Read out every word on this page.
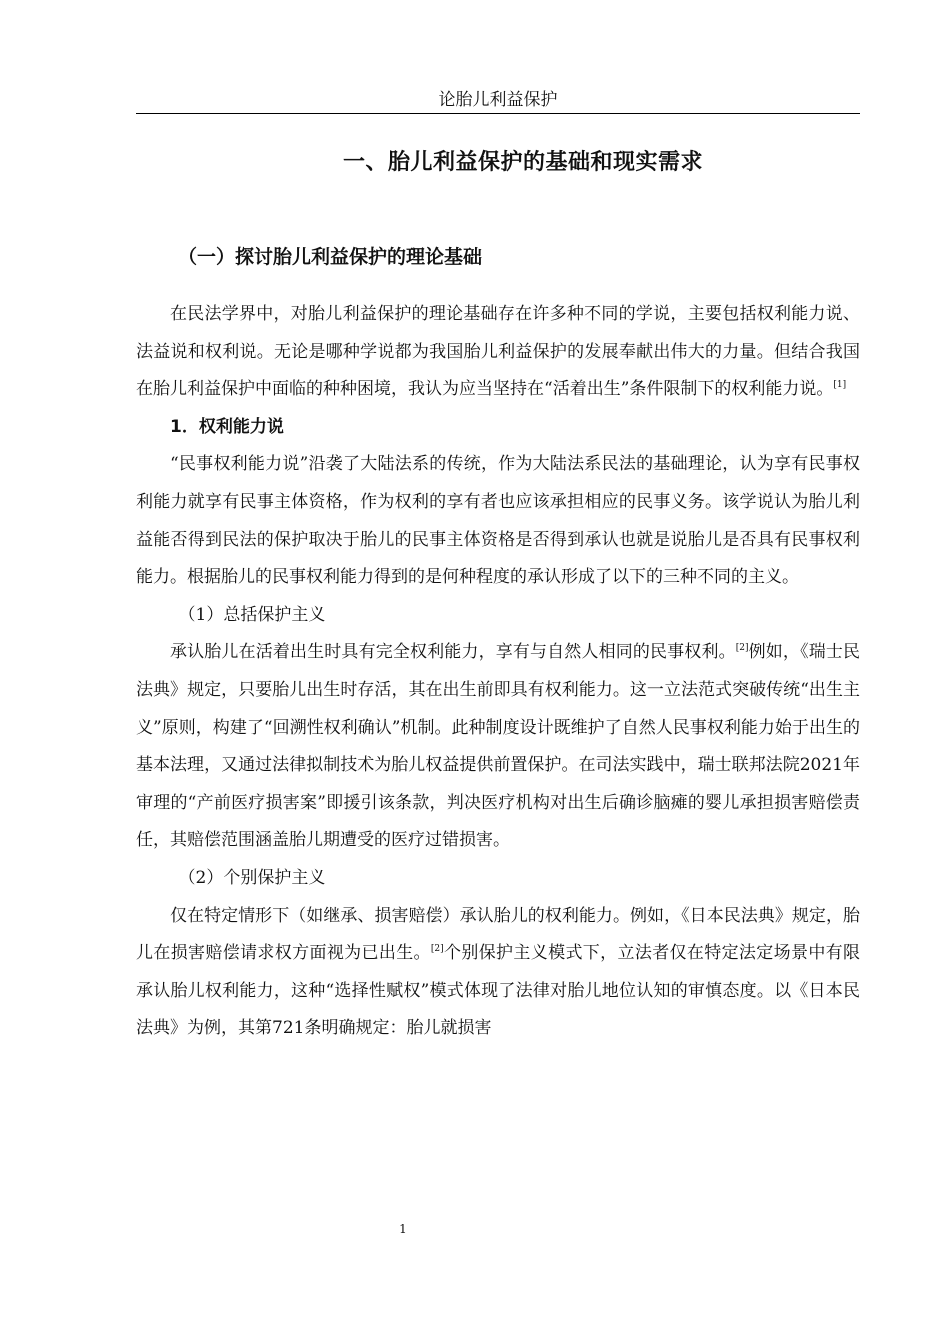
论胎儿利益保护
一、胎儿利益保护的基础和现实需求
（一）探讨胎儿利益保护的理论基础

在民法学界中，对胎儿利益保护的理论基础存在许多种不同的学说，主要包括权利能力说、法益说和权利说。无论是哪种学说都为我国胎儿利益保护的发展奉献出伟大的力量。但结合我国在胎儿利益保护中面临的种种困境，我认为应当坚持在“活着出生”条件限制下的权利能力说。[1]

1．权利能力说

“民事权利能力说”沿袭了大陆法系的传统，作为大陆法系民法的基础理论，认为享有民事权利能力就享有民事主体资格，作为权利的享有者也应该承担相应的民事义务。该学说认为胎儿利益能否得到民法的保护取决于胎儿的民事主体资格是否得到承认也就是说胎儿是否具有民事权利能力。根据胎儿的民事权利能力得到的是何种程度的承认形成了以下的三种不同的主义。

（1）总括保护主义

承认胎儿在活着出生时具有完全权利能力，享有与自然人相同的民事权利。[2]例如，《瑞士民法典》规定，只要胎儿出生时存活，其在出生前即具有权利能力。这一立法范式突破传统“出生主义”原则，构建了“回溯性权利确认”机制。此种制度设计既维护了自然人民事权利能力始于出生的基本法理，又通过法律拟制技术为胎儿权益提供前置保护。在司法实践中，瑞士联邦法院2021年审理的“产前医疗损害案”即援引该条款，判决医疗机构对出生后确诊脑瘫的婴儿承担损害赔偿责任，其赔偿范围涵盖胎儿期遭受的医疗过错损害。

（2）个别保护主义

仅在特定情形下（如继承、损害赔偿）承认胎儿的权利能力。例如，《日本民法典》规定，胎儿在损害赔偿请求权方面视为已出生。[2]个别保护主义模式下，立法者仅在特定法定场景中有限承认胎儿权利能力，这种“选择性赋权”模式体现了法律对胎儿地位认知的审慎态度。以《日本民法典》为例，其第721条明确规定：胎儿就损害

1
